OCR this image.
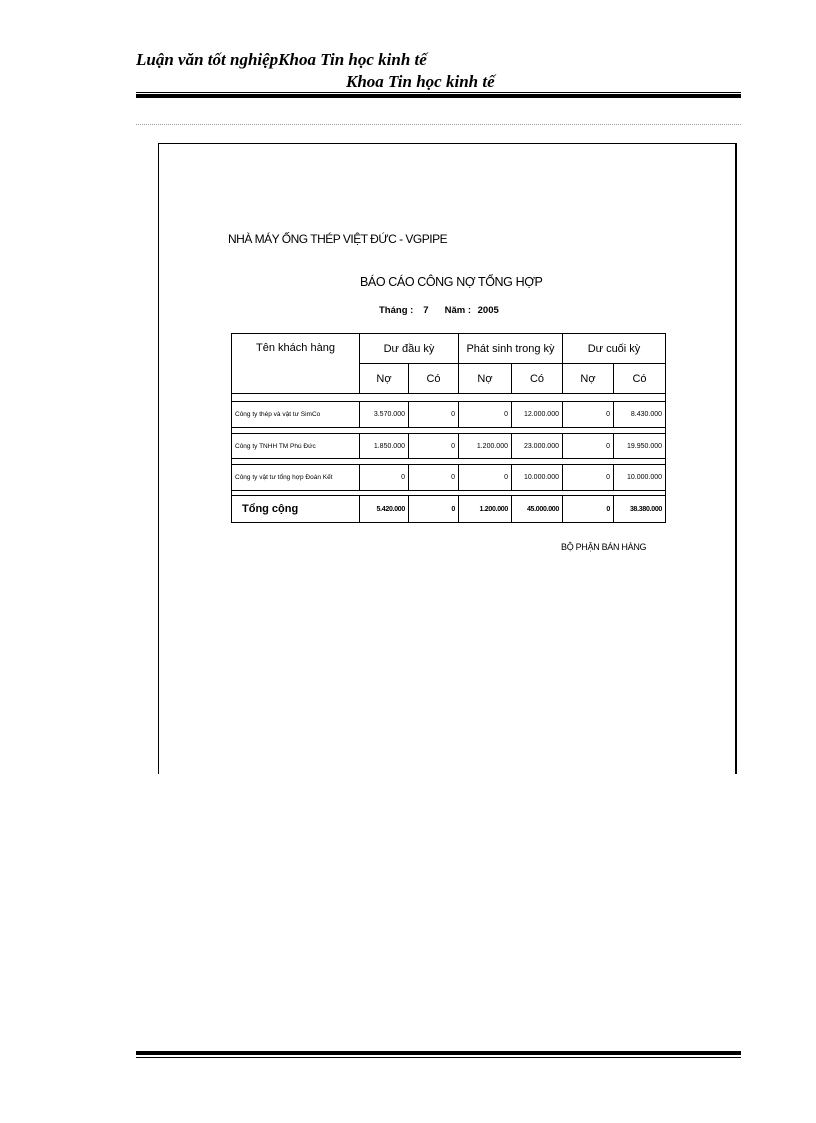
Luận văn tốt nghiệpKhoa Tin học kinh tế
Khoa Tin học kinh tế
NHÀ MÁY ỐNG THÉP VIỆT ĐỨC - VGPIPE
BÁO CÁO CÔNG NỢ TỔNG HỢP
Tháng : 7 Năm : 2005
Tên khách hàng	Dư đầu kỳ		Phát sinh trong kỳ		Dư cuối kỳ	
	Nợ	Có	Nợ	Có	Nợ	Có

Công ty thép và vật tư SimCo	3.570.000	0	0	12.000.000	0	8.430.000

Công ty TNHH TM Phú Đức	1.850.000	0	1.200.000	23.000.000	0	19.950.000

Công ty vật tư tổng hợp Đoàn Kết	0	0	0	10.000.000	0	10.000.000

Tổng cộng	5.420.000	0	1.200.000	45.000.000	0	38.380.000
BỘ PHẬN BÁN HÀNG
